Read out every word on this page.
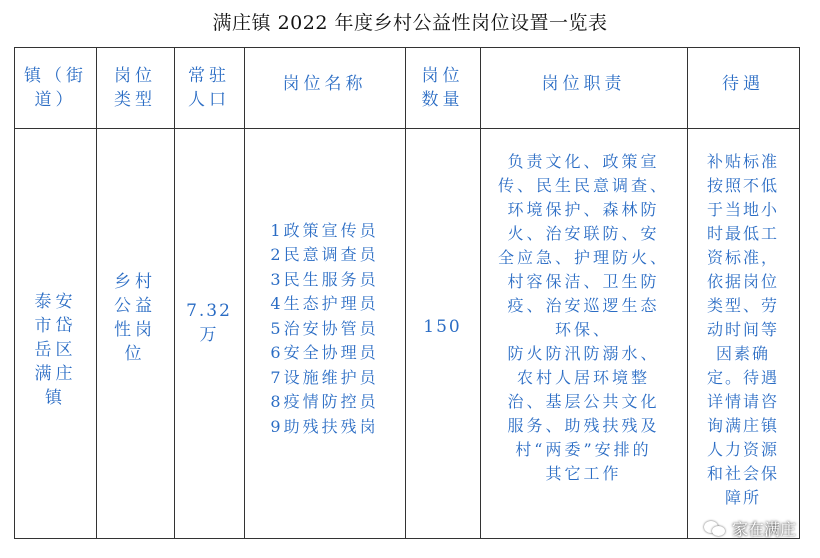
满庄镇 2022 年度乡村公益性岗位设置一览表
镇（街
道）
岗位
类型
常驻
人口
岗位名称	岗位
数量
岗位职责	待遇
泰安
市岱
岳区
满庄
镇
乡村
公益
性岗
位
7.32
万
1政策宣传员
2民意调查员
3民生服务员
4生态护理员
5治安协管员
6安全协理员
7设施维护员
8疫情防控员
9助残扶残岗
150
负责文化、政策宣
传、民生民意调查、
环境保护、森林防
火、治安联防、安
全应急、护理防火、
村容保洁、卫生防
疫、治安巡逻生态
环保、
防火防汛防溺水、
农村人居环境整
治、基层公共文化
服务、助残扶残及
村“两委”安排的
其它工作
补贴标准
按照不低
于当地小
时最低工
资标准，
依据岗位
类型、劳
动时间等
因素确
定。待遇
详情请咨
询满庄镇
人力资源
和社会保
障所
家在满庄
